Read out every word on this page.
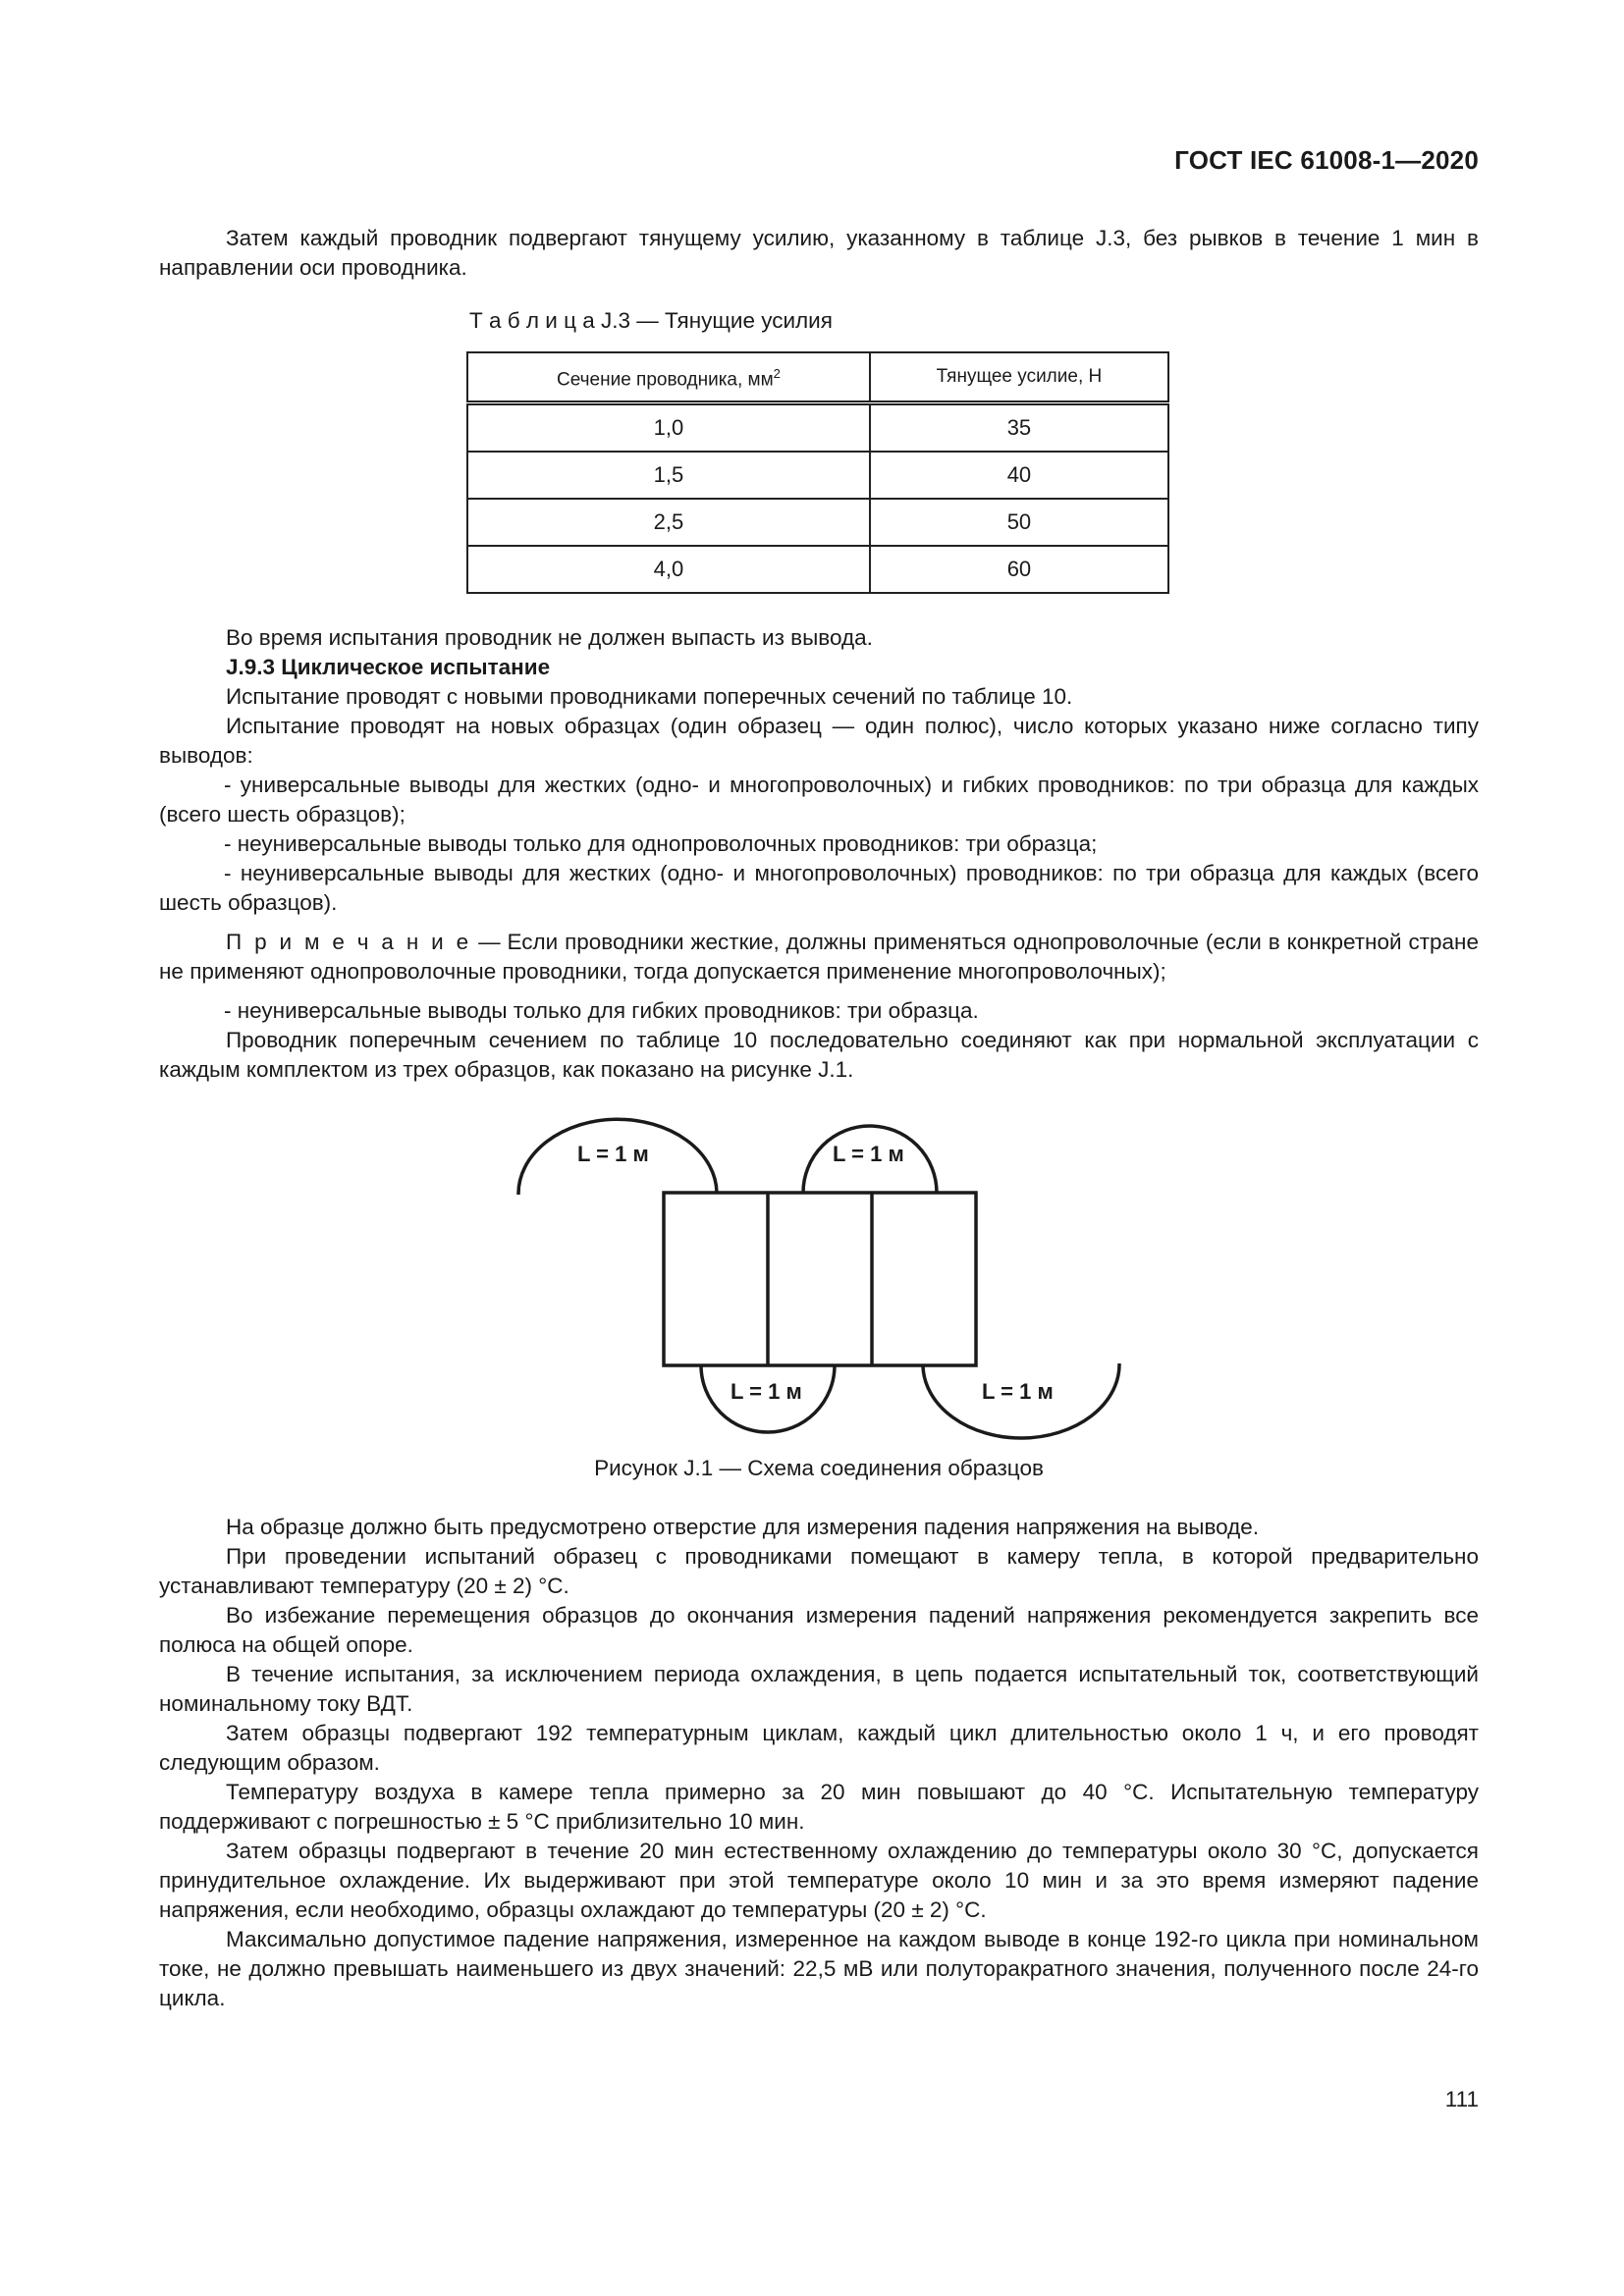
ГОСТ IEC 61008-1—2020

Затем каждый проводник подвергают тянущему усилию, указанному в таблице J.3, без рывков в течение 1 мин в направлении оси проводника.

Т а б л и ц а J.3 — Тянущие усилия
Сечение проводника, $мм^2$	Тянущее усилие, Н
1,0	35
1,5	40
2,5	50
4,0	60

Во время испытания проводник не должен выпасть из вывода.

J.9.3 Циклическое испытание

Испытание проводят с новыми проводниками поперечных сечений по таблице 10.

Испытание проводят на новых образцах (один образец — один полюс), число которых указано ниже согласно типу выводов:

- универсальные выводы для жестких (одно- и многопроволочных) и гибких проводников: по три образца для каждых (всего шесть образцов);

- неуниверсальные выводы только для однопроволочных проводников: три образца;

- неуниверсальные выводы для жестких (одно- и многопроволочных) проводников: по три образца для каждых (всего шесть образцов).

П р и м е ч а н и е — Если проводники жесткие, должны применяться однопроволочные (если в конкретной стране не применяют однопроволочные проводники, тогда допускается применение многопроволочных);

- неуниверсальные выводы только для гибких проводников: три образца.

Проводник поперечным сечением по таблице 10 последовательно соединяют как при нормальной эксплуатации с каждым комплектом из трех образцов, как показано на рисунке J.1.

L = 1 м	L = 1 м
L = 1 м	L = 1 м

Рисунок J.1 — Схема соединения образцов

На образце должно быть предусмотрено отверстие для измерения падения напряжения на выводе.

При проведении испытаний образец с проводниками помещают в камеру тепла, в которой предварительно устанавливают температуру (20 ± 2) °С.

Во избежание перемещения образцов до окончания измерения падений напряжения рекомендуется закрепить все полюса на общей опоре.

В течение испытания, за исключением периода охлаждения, в цепь подается испытательный ток, соответствующий номинальному току ВДТ.

Затем образцы подвергают 192 температурным циклам, каждый цикл длительностью около 1 ч, и его проводят следующим образом.

Температуру воздуха в камере тепла примерно за 20 мин повышают до 40 °С. Испытательную температуру поддерживают с погрешностью ± 5 °С приблизительно 10 мин.

Затем образцы подвергают в течение 20 мин естественному охлаждению до температуры около 30 °С, допускается принудительное охлаждение. Их выдерживают при этой температуре около 10 мин и за это время измеряют падение напряжения, если необходимо, образцы охлаждают до температуры (20 ± 2) °С.

Максимально допустимое падение напряжения, измеренное на каждом выводе в конце 192-го цикла при номинальном токе, не должно превышать наименьшего из двух значений: 22,5 мВ или полуторакратного значения, полученного после 24-го цикла.

111
